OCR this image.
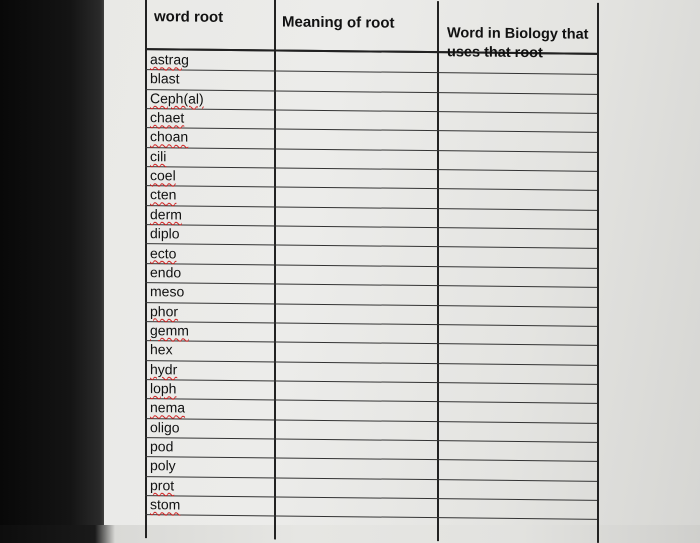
word root	Meaning of root
Word in Biology that
uses that root
astrag
blast
Ceph(al)
chaet
choan
cili
coel
cten
derm
diplo
ecto
endo
meso
phor
gemm
hex
hydr
loph
nema
oligo
pod
poly
prot
stom
